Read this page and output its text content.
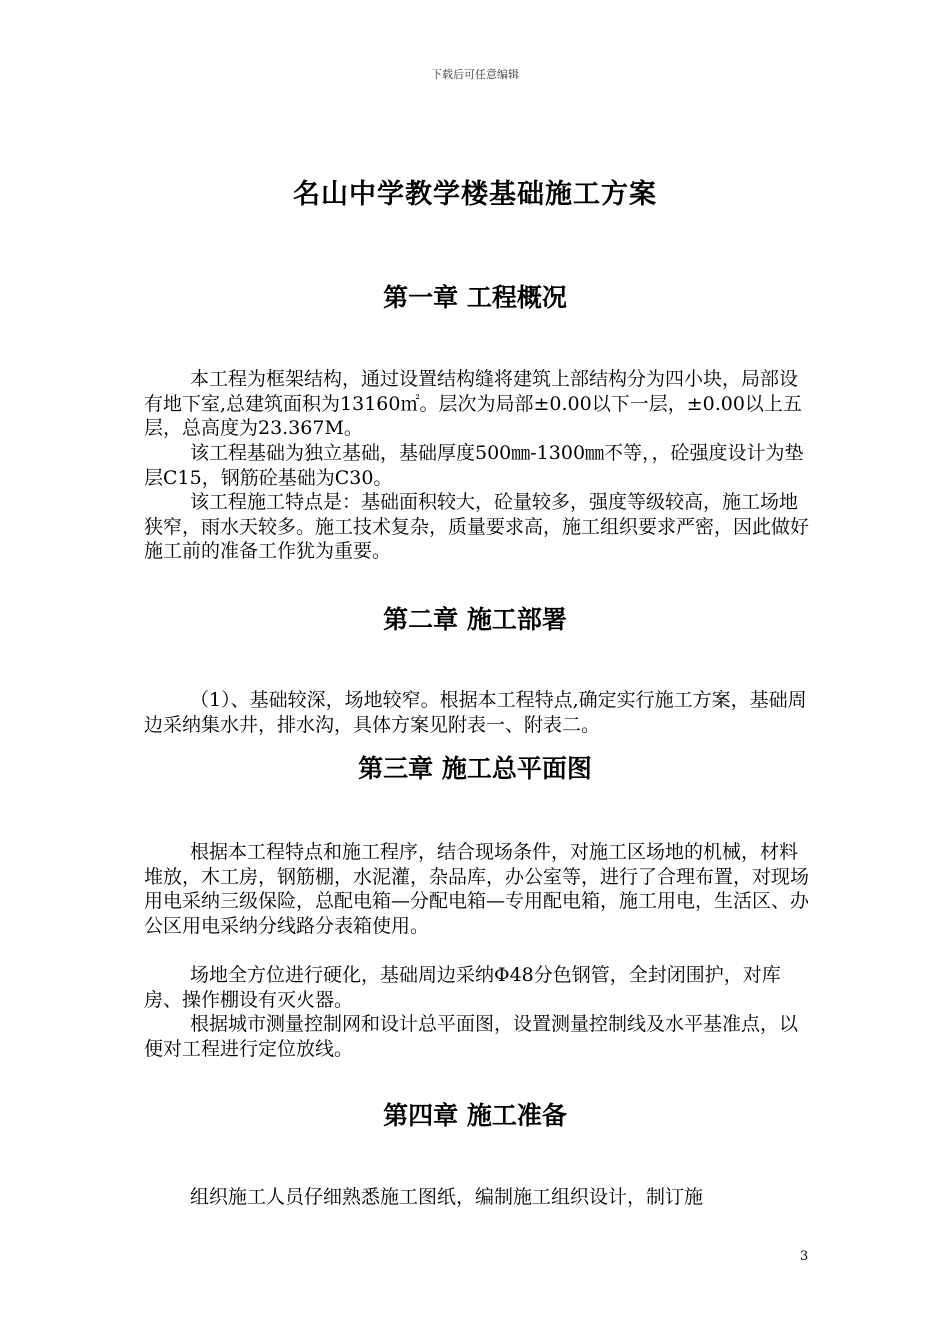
下载后可任意编辑
名山中学教学楼基础施工方案
第一章 工程概况

本工程为框架结构，通过设置结构缝将建筑上部结构分为四小块，局部设有地下室,总建筑面积为13160㎡。层次为局部±0.00以下一层，±0.00以上五层，总高度为23.367M。

该工程基础为独立基础，基础厚度500㎜-1300㎜不等，，砼强度设计为垫层C15，钢筋砼基础为C30。

该工程施工特点是：基础面积较大，砼量较多，强度等级较高，施工场地狭窄，雨水天较多。施工技术复杂，质量要求高，施工组织要求严密，因此做好施工前的准备工作犹为重要。

第二章 施工部署

（1）、基础较深，场地较窄。根据本工程特点,确定实行施工方案，基础周边采纳集水井，排水沟，具体方案见附表一、附表二。

第三章 施工总平面图

根据本工程特点和施工程序，结合现场条件，对施工区场地的机械，材料堆放，木工房，钢筋棚，水泥灌，杂品库，办公室等，进行了合理布置，对现场用电采纳三级保险，总配电箱—分配电箱—专用配电箱，施工用电，生活区、办公区用电采纳分线路分表箱使用。

场地全方位进行硬化，基础周边采纳Φ48分色钢管，全封闭围护，对库房、操作棚设有灭火器。

根据城市测量控制网和设计总平面图，设置测量控制线及水平基准点，以便对工程进行定位放线。

第四章 施工准备

组织施工人员仔细熟悉施工图纸，编制施工组织设计，制订施

3
